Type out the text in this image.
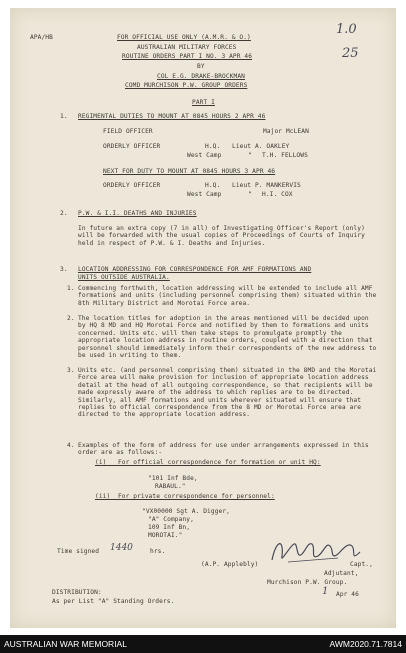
1.0
25
APA/HB	FOR OFFICIAL USE ONLY (A.M.R. & O.)
AUSTRALIAN MILITARY FORCES
ROUTINE ORDERS PART I NO. 3 APR 46
BY
COL E.G. DRAKE-BROCKMAN
COMD MURCHISON P.W. GROUP ORDERS
PART I
1. REGIMENTAL DUTIES TO MOUNT AT 0845 HOURS 2 APR 46
FIELD OFFICER	Major McLEAN
ORDERLY OFFICER	H.Q. Lieut A. OAKLEY
West Camp	" T.H. FELLOWS
NEXT FOR DUTY TO MOUNT AT 0845 HOURS 3 APR 46
ORDERLY OFFICER	H.Q. Lieut P. MANKERVIS
West Camp	" H.I. COX
2. P.W. & I.I. DEATHS AND INJURIES
In future an extra copy (7 in all) of Investigating Officer's Report (only) will be forwarded with the usual copies of Proceedings of Courts of Inquiry held in respect of P.W. & I. Deaths and Injuries.
3. LOCATION ADDRESSING FOR CORRESPONDENCE FOR AMF FORMATIONS AND
UNITS OUTSIDE AUSTRALIA.
1. Commencing forthwith, location addressing will be extended to include all AMF formations and units (including personnel comprising them) situated within the 8th Military District and Morotai Force area.
2. The location titles for adoption in the areas mentioned will be decided upon by HQ 8 MD and HQ Morotai Force and notified by them to formations and units concerned. Units etc. will then take steps to promulgate promptly the appropriate location address in routine orders, coupled with a direction that personnel should immediately inform their correspondents of the new address to be used in writing to them.
3. Units etc. (and personnel comprising them) situated in the 8MD and the Morotai Force area will make provision for inclusion of appropriate location address detail at the head of all outgoing correspondence, so that recipients will be made expressly aware of the address to which replies are to be directed. Similarly, all AMF formations and units wherever situated will ensure that replies to official correspondence from the 8 MD or Morotai Force area are directed to the appropriate location address.
4. Examples of the form of address for use under arrangements expressed in this order are as follows:-
(i)   For official correspondence for formation or unit HQ:
"101 Inf Bde,
RABAUL."
(ii)  For private correspondence for personnel:
"VX00000 Sgt A. Digger,
"A" Company,
109 Inf Bn,
MOROTAI."
Time signed 1440	hrs.
(A.P. Applebly)	Capt.,
Adjutant,
Murchison P.W. Group.
DISTRIBUTION:
As per List "A" Standing Orders.
1 Apr 46
AUSTRALIAN WAR MEMORIAL	AWM2020.71.7814
